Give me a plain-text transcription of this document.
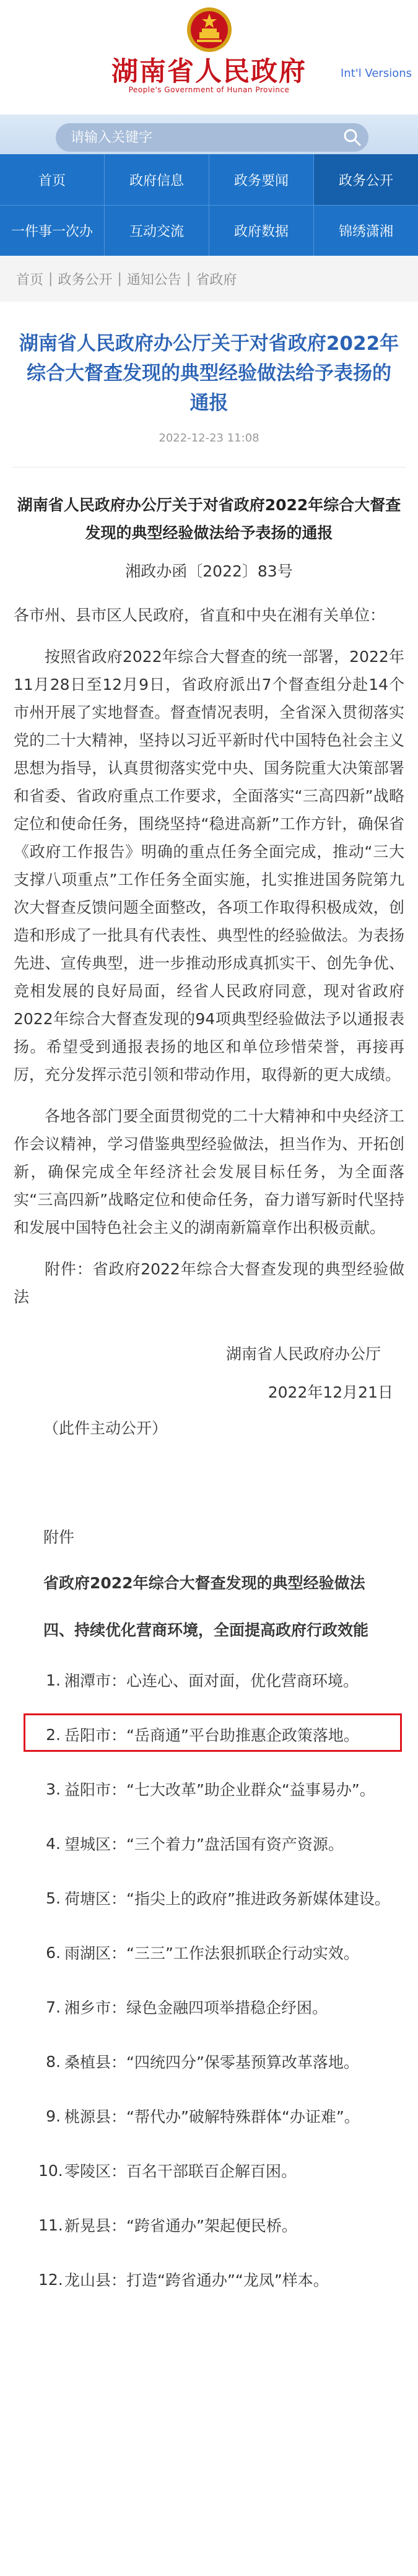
湖南省人民政府
People's Government of Hunan Province
Int'l Versions
请输入关键字
首页	政府信息	政务要闻	政务公开
一件事一次办	互动交流	政府数据	锦绣潇湘
首页 | 政务公开 | 通知公告 | 省政府
湖南省人民政府办公厅关于对省政府2022年综合大督查发现的典型经验做法给予表扬的通报
2022-12-23 11:08
湖南省人民政府办公厅关于对省政府2022年综合大督查发现的典型经验做法给予表扬的通报
湘政办函〔2022〕83号
各市州、县市区人民政府，省直和中央在湘有关单位：
按照省政府2022年综合大督查的统一部署，2022年11月28日至12月9日，省政府派出7个督查组分赴14个市州开展了实地督查。督查情况表明，全省深入贯彻落实党的二十大精神，坚持以习近平新时代中国特色社会主义思想为指导，认真贯彻落实党中央、国务院重大决策部署和省委、省政府重点工作要求，全面落实“三高四新”战略定位和使命任务，围绕坚持“稳进高新”工作方针，确保省《政府工作报告》明确的重点任务全面完成，推动“三大支撑八项重点”工作任务全面实施，扎实推进国务院第九次大督查反馈问题全面整改，各项工作取得积极成效，创造和形成了一批具有代表性、典型性的经验做法。为表扬先进、宣传典型，进一步推动形成真抓实干、创先争优、竞相发展的良好局面，经省人民政府同意，现对省政府2022年综合大督查发现的94项典型经验做法予以通报表扬。希望受到通报表扬的地区和单位珍惜荣誉，再接再厉，充分发挥示范引领和带动作用，取得新的更大成绩。
各地各部门要全面贯彻党的二十大精神和中央经济工作会议精神，学习借鉴典型经验做法，担当作为、开拓创新，确保完成全年经济社会发展目标任务，为全面落实“三高四新”战略定位和使命任务，奋力谱写新时代坚持和发展中国特色社会主义的湖南新篇章作出积极贡献。
附件：省政府2022年综合大督查发现的典型经验做法
湖南省人民政府办公厅
2022年12月21日
（此件主动公开）
附件
省政府2022年综合大督查发现的典型经验做法
四、持续优化营商环境，全面提高政府行政效能
1. 湘潭市：心连心、面对面，优化营商环境。
2. 岳阳市：“岳商通”平台助推惠企政策落地。
3. 益阳市：“七大改革”助企业群众“益事易办”。
4. 望城区：“三个着力”盘活国有资产资源。
5. 荷塘区：“指尖上的政府”推进政务新媒体建设。
6. 雨湖区：“三三”工作法狠抓联企行动实效。
7. 湘乡市：绿色金融四项举措稳企纾困。
8. 桑植县：“四统四分”保零基预算改革落地。
9. 桃源县：“帮代办”破解特殊群体“办证难”。
10. 零陵区：百名干部联百企解百困。
11. 新晃县：“跨省通办”架起便民桥。
12. 龙山县：打造“跨省通办”“龙凤”样本。
